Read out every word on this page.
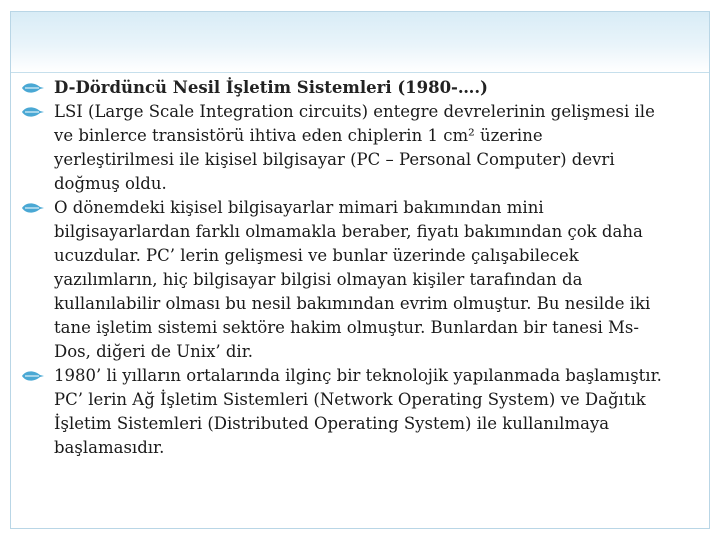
D-Dördüncü Nesil İşletim Sistemleri (1980-….)

LSI (Large Scale Integration circuits) entegre devrelerinin gelişmesi ile
ve binlerce transistörü ihtiva eden chiplerin 1 cm² üzerine
yerleştirilmesi ile kişisel bilgisayar (PC – Personal Computer) devri
doğmuş oldu.

O dönemdeki kişisel bilgisayarlar mimari bakımından mini
bilgisayarlardan farklı olmamakla beraber, fiyatı bakımından çok daha
ucuzdular. PC’ lerin gelişmesi ve bunlar üzerinde çalışabilecek
yazılımların, hiç bilgisayar bilgisi olmayan kişiler tarafından da
kullanılabilir olması bu nesil bakımından evrim olmuştur. Bu nesilde iki
tane işletim sistemi sektöre hakim olmuştur. Bunlardan bir tanesi Ms-
Dos, diğeri de Unix’ dir.

1980’ li yılların ortalarında ilginç bir teknolojik yapılanmada başlamıştır.
PC’ lerin Ağ İşletim Sistemleri (Network Operating System) ve Dağıtık
İşletim Sistemleri (Distributed Operating System) ile kullanılmaya
başlamasıdır.
